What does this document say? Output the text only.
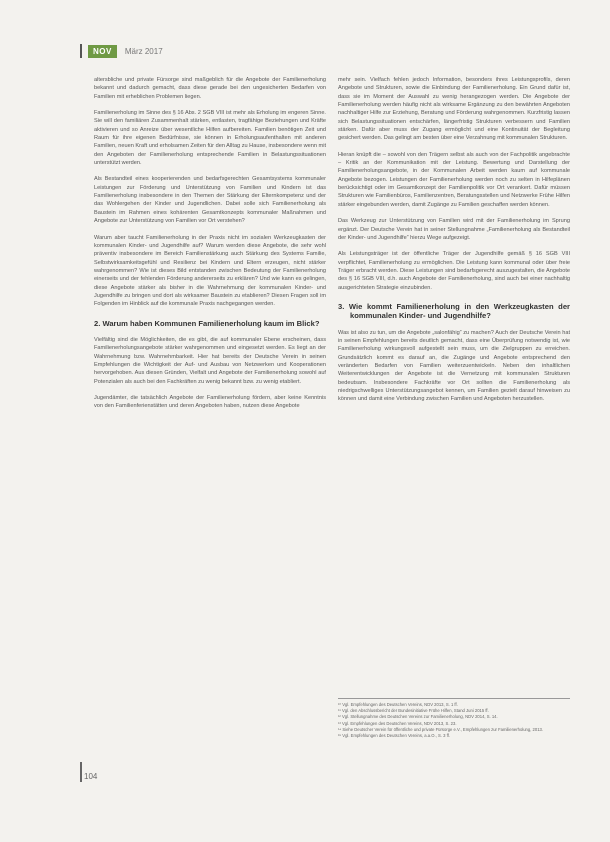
NOV	März 2017

altersbliche und private Fürsorge sind maßgeblich für die Angebote der Familienerholung bekannt und dadurch gemacht, dass diese gerade bei den ungesicherten Bedarfen von Familien mit erheblichen Problemen liegen.

Familienerholung im Sinne des § 16 Abs. 2 SGB VIII ist mehr als Erholung im engeren Sinne. Sie will den familiären Zusammenhalt stärken, entlasten, tragfähige Beziehungen und Kräfte aktivieren und so Anreize über wesentliche Hilfen aufbereiten. Familien benötigen Zeit und Raum für ihre eigenen Bedürfnisse, sie können in Erholungsaufenthalten mit anderen Familien, neuen Kraft und erholsamen Zeiten für den Alltag zu Hause, insbesondere wenn mit den Angeboten der Familienerholung entsprechende Familien in Belastungssituationen unterstützt werden.

Als Bestandteil eines kooperierenden und bedarfsgerechten Gesamtsystems kommunaler Leistungen zur Förderung und Unterstützung von Familien und Kindern ist das Familienerholung insbesondere in den Themen der Stärkung der Elternkompetenz und der das Wohlergehen der Kinder und Jugendlichen. Dabei solle sich Familienerholung als Baustein im Rahmen eines kohärenten Gesamtkonzepts kommunaler Maßnahmen und Angebote zur Unterstützung von Familien vor Ort verstehen?

Warum aber taucht Familienerholung in der Praxis nicht im sozialen Werkzeugkasten der kommunalen Kinder- und Jugendhilfe auf? Warum werden diese Angebote, die sehr wohl präventiv insbesondere im Bereich Familienstärkung auch Stärkung des Systems Familie, Selbstwirksamkeitsgefühl und Resilienz bei Kindern und Eltern erzeugen, nicht stärker wahrgenommen? Wie ist dieses Bild entstanden zwischen Bedeutung der Familienerholung einerseits und der fehlenden Förderung andererseits zu erklären? Und wie kann es gelingen, diese Angebote stärker als bisher in die Wahrnehmung der kommunalen Kinder- und Jugendhilfe zu bringen und dort als wirksamer Baustein zu etablieren? Diesen Fragen soll im Folgenden im Hinblick auf die kommunale Praxis nachgegangen werden.

2. Warum haben Kommunen Familienerholung kaum im Blick?

Vielfältig sind die Möglichkeiten, die es gibt, die auf kommunaler Ebene erscheinen, dass Familienerholungsangebote stärker wahrgenommen und eingesetzt werden. Es liegt an der Wahrnehmung bzw. Wahrnehmbarkeit. Hier hat bereits der Deutsche Verein in seinen Empfehlungen die Wichtigkeit der Auf- und Ausbau von Netzwerken und Kooperationen hervorgehoben. Aus diesen Gründen, Vielfalt und Angebote der Familienerholung sowohl auf Potenzialen als auch bei den Fachkräften zu wenig bekannt bzw. zu wenig etabliert.

Jugendämter, die tatsächlich Angebote der Familienerholung fördern, aber keine Kenntnis von den Familienferienstätten und deren Angeboten haben, nutzen diese Angebote

mehr sein. Vielfach fehlen jedoch Information, besonders ihres Leistungsprofils, deren Angebote und Strukturen, sowie die Einbindung der Familienerholung. Ein Grund dafür ist, dass sie im Moment der Auswahl zu wenig herangezogen werden. Die Angebote der Familienerholung werden häufig nicht als wirksame Ergänzung zu den bewährten Angeboten nachhaltiger Hilfe zur Erziehung, Beratung und Förderung wahrgenommen. Kurzfristig lassen sich Belastungssituationen entschärfen, längerfristig Strukturen verbessern und Familien stärken. Dafür aber muss der Zugang ermöglicht und eine Kontinuität der Begleitung gesichert werden. Das gelingt am besten über eine Verzahnung mit kommunalen Strukturen.

Hieran knüpft die – sowohl von den Trägern selbst als auch von der Fachpolitik angebrachte – Kritik an der Kommunikation mit der Leistung. Bewertung und Darstellung der Familienerholungsangebote, in der Kommunalen Arbeit werden kaum auf kommunale Angebote bezogen. Leistungen der Familienerholung werden noch zu selten in Hilfeplänen berücksichtigt oder im Gesamtkonzept der Familienpolitik vor Ort verankert. Dafür müssen Strukturen wie Familienbüros, Familienzentren, Beratungsstellen und Netzwerke Frühe Hilfen stärker eingebunden werden, damit Zugänge zu Familien geschaffen werden können.

Das Werkzeug zur Unterstützung von Familien wird mit der Familienerholung im Sprung ergänzt. Der Deutsche Verein hat in seiner Stellungnahme „Familienerholung als Bestandteil der Kinder- und Jugendhilfe“ hierzu Wege aufgezeigt.

Als Leistungsträger ist der öffentliche Träger der Jugendhilfe gemäß § 16 SGB VIII verpflichtet, Familienerholung zu ermöglichen. Die Leistung kann kommunal oder über freie Träger erbracht werden. Diese Leistungen sind bedarfsgerecht auszugestalten, die Angebote des § 16 SGB VIII, d.h. auch Angebote der Familienerholung, sind auch bei einer nachhaltig ausgerichteten Strategie einzubinden.

3. Wie kommt Familienerholung in den Werkzeugkasten der kommunalen Kinder- und Jugendhilfe?

Was ist also zu tun, um die Angebote „salonfähig“ zu machen? Auch der Deutsche Verein hat in seinen Empfehlungen bereits deutlich gemacht, dass eine Überprüfung notwendig ist, wie Familienerholung wirkungsvoll aufgestellt sein muss, um die Zielgruppen zu erreichen. Grundsätzlich kommt es darauf an, die Zugänge und Angebote entsprechend den veränderten Bedarfen von Familien weiterzuentwickeln. Neben den inhaltlichen Weiterentwicklungen der Angebote ist die Vernetzung mit kommunalen Strukturen bedeutsam. Insbesondere Fachkräfte vor Ort sollten die Familienerholung als niedrigschwelliges Unterstützungsangebot kennen, um Familien gezielt darauf hinweisen zu können und damit eine Verbindung zwischen Familien und Angeboten herzustellen.

¹⁰ Vgl. Empfehlungen des Deutschen Vereins, NDV 2013, S. 1 ff.
¹¹ Vgl. den Abschlussbericht der Bundesinitiative Frühe Hilfen, Stand Juni 2015 ff.
¹² Vgl. Stellungnahme des Deutschen Vereins zur Familienerholung, NDV 2014, S. 14.
¹³ Vgl. Empfehlungen des Deutschen Vereins, NDV 2013, S. 23.
¹⁴ Siehe Deutscher Verein für öffentliche und private Fürsorge e.V., Empfehlungen zur Familienerholung, 2013.
¹⁵ Vgl. Empfehlungen des Deutschen Vereins, a.a.O., S. 3 ff.
104
